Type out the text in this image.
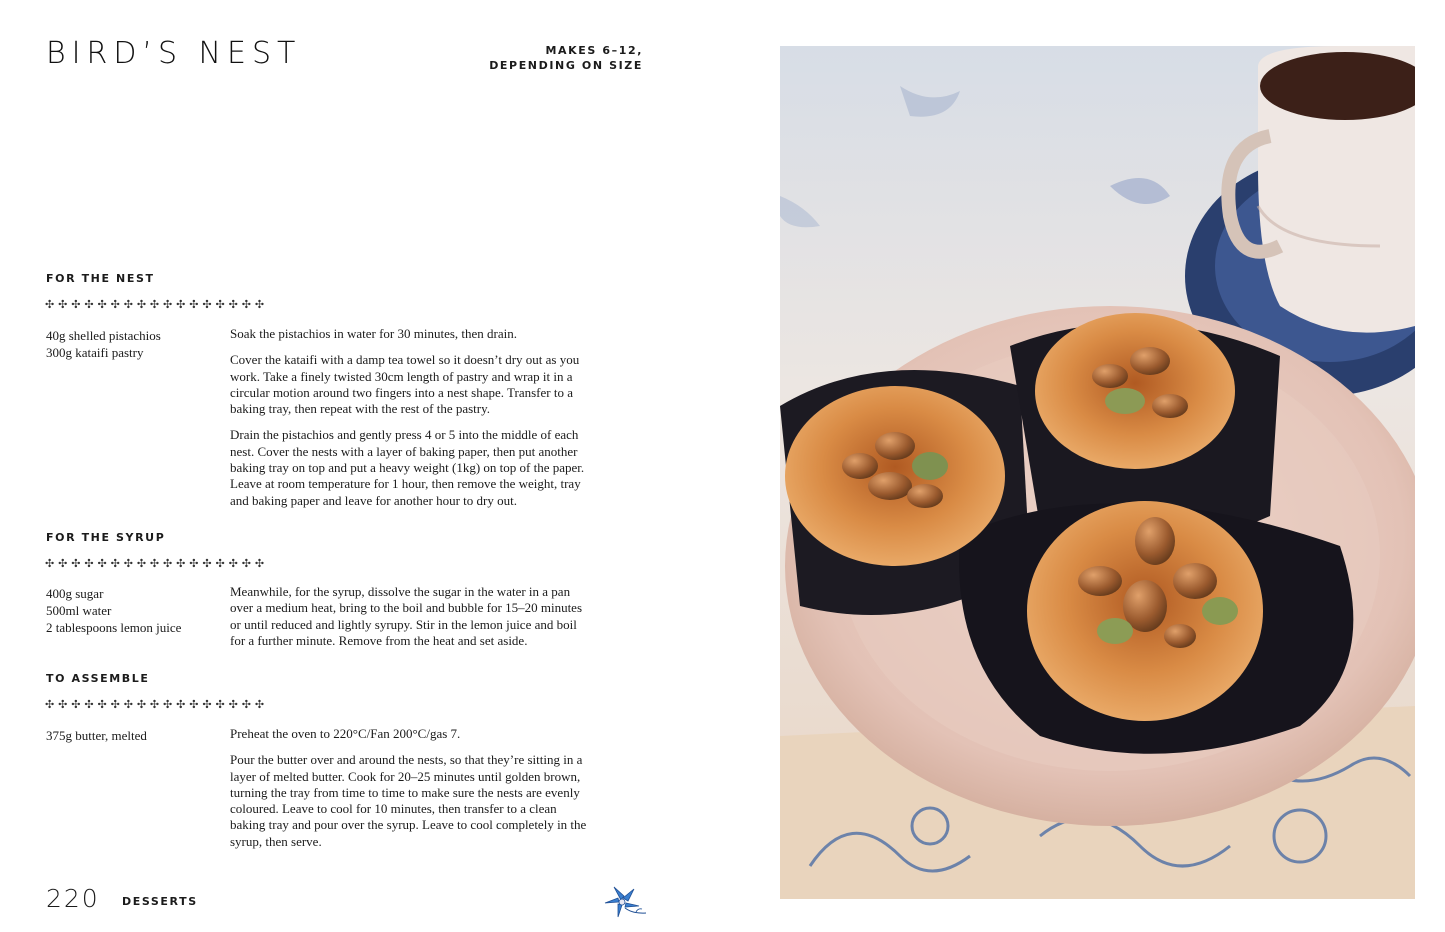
BIRD’S NEST	MAKES 6–12,
DEPENDING ON SIZE
FOR THE NEST
✣✣✣✣✣✣✣✣✣✣✣✣✣✣✣✣✣
40g shelled pistachios
300g kataifi pastry

Soak the pistachios in water for 30 minutes, then drain.

Cover the kataifi with a damp tea towel so it doesn’t dry out as you work. Take a finely twisted 30cm length of pastry and wrap it in a circular motion around two fingers into a nest shape. Transfer to a baking tray, then repeat with the rest of the pastry.

Drain the pistachios and gently press 4 or 5 into the middle of each nest. Cover the nests with a layer of baking paper, then put another baking tray on top and put a heavy weight (1kg) on top of the paper. Leave at room temperature for 1 hour, then remove the weight, tray and baking paper and leave for another hour to dry out.

FOR THE SYRUP
✣✣✣✣✣✣✣✣✣✣✣✣✣✣✣✣✣
400g sugar
500ml water
2 tablespoons lemon juice

Meanwhile, for the syrup, dissolve the sugar in the water in a pan over a medium heat, bring to the boil and bubble for 15–20 minutes or until reduced and lightly syrupy. Stir in the lemon juice and boil for a further minute. Remove from the heat and set aside.

TO ASSEMBLE
✣✣✣✣✣✣✣✣✣✣✣✣✣✣✣✣✣
375g butter, melted	Preheat the oven to 220°C/Fan 200°C/gas 7.

Pour the butter over and around the nests, so that they’re sitting in a layer of melted butter. Cook for 20–25 minutes until golden brown, turning the tray from time to time to make sure the nests are evenly coloured. Leave to cool for 10 minutes, then transfer to a clean baking tray and pour over the syrup. Leave to cool completely in the syrup, then serve.

220 DESSERTS
